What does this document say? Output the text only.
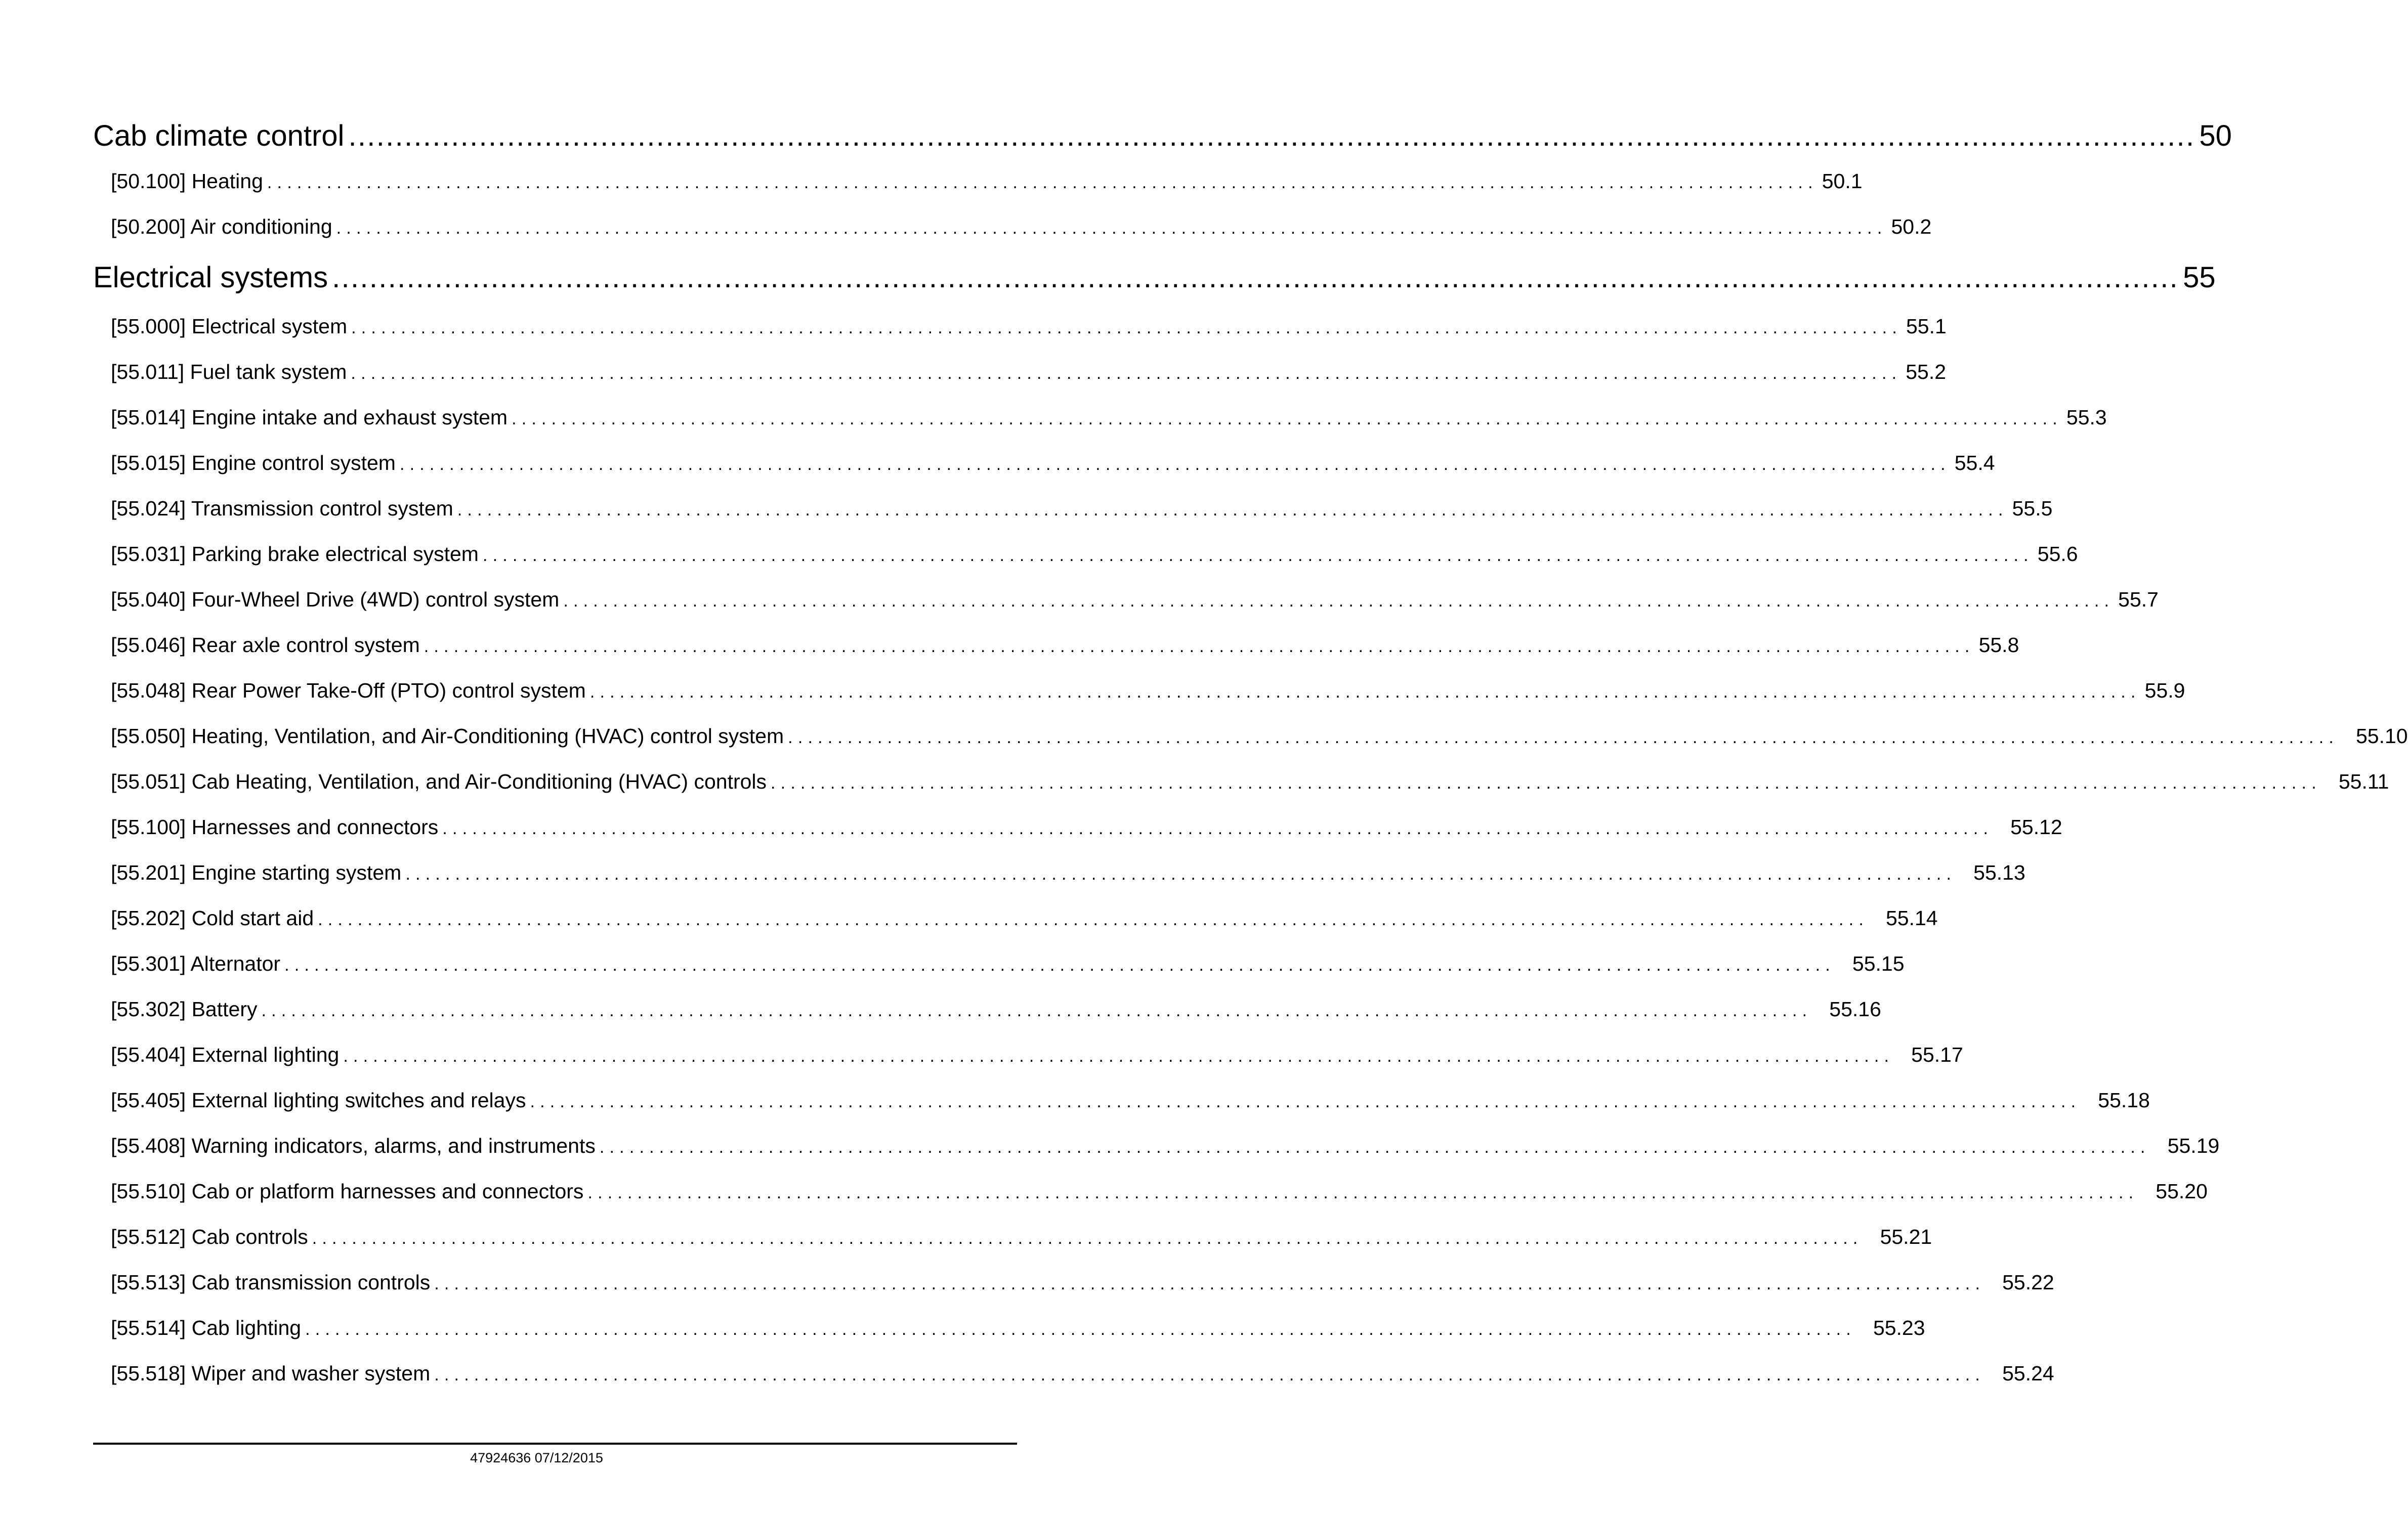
Cab climate control ...................................................................................................................................................................................................... 50
[50.100] Heating ............................................................................................................................................................ 50.1
[50.200] Air conditioning ............................................................................................................................................................ 50.2
Electrical systems ...................................................................................................................................................................................................... 55
[55.000] Electrical system ............................................................................................................................................................ 55.1
[55.011] Fuel tank system ............................................................................................................................................................ 55.2
[55.014] Engine intake and exhaust system ............................................................................................................................................................ 55.3
[55.015] Engine control system ............................................................................................................................................................ 55.4
[55.024] Transmission control system ............................................................................................................................................................ 55.5
[55.031] Parking brake electrical system ............................................................................................................................................................ 55.6
[55.040] Four-Wheel Drive (4WD) control system ............................................................................................................................................................ 55.7
[55.046] Rear axle control system ............................................................................................................................................................ 55.8
[55.048] Rear Power Take-Off (PTO) control system ............................................................................................................................................................ 55.9
[55.050] Heating, Ventilation, and Air-Conditioning (HVAC) control system ............................................................................................................................................................ 55.10
[55.051] Cab Heating, Ventilation, and Air-Conditioning (HVAC) controls ............................................................................................................................................................ 55.11
[55.100] Harnesses and connectors ............................................................................................................................................................ 55.12
[55.201] Engine starting system ............................................................................................................................................................ 55.13
[55.202] Cold start aid ............................................................................................................................................................ 55.14
[55.301] Alternator ............................................................................................................................................................ 55.15
[55.302] Battery ............................................................................................................................................................ 55.16
[55.404] External lighting ............................................................................................................................................................ 55.17
[55.405] External lighting switches and relays ............................................................................................................................................................ 55.18
[55.408] Warning indicators, alarms, and instruments ............................................................................................................................................................ 55.19
[55.510] Cab or platform harnesses and connectors ............................................................................................................................................................ 55.20
[55.512] Cab controls ............................................................................................................................................................ 55.21
[55.513] Cab transmission controls ............................................................................................................................................................ 55.22
[55.514] Cab lighting ............................................................................................................................................................ 55.23
[55.518] Wiper and washer system ............................................................................................................................................................ 55.24
47924636 07/12/2015
